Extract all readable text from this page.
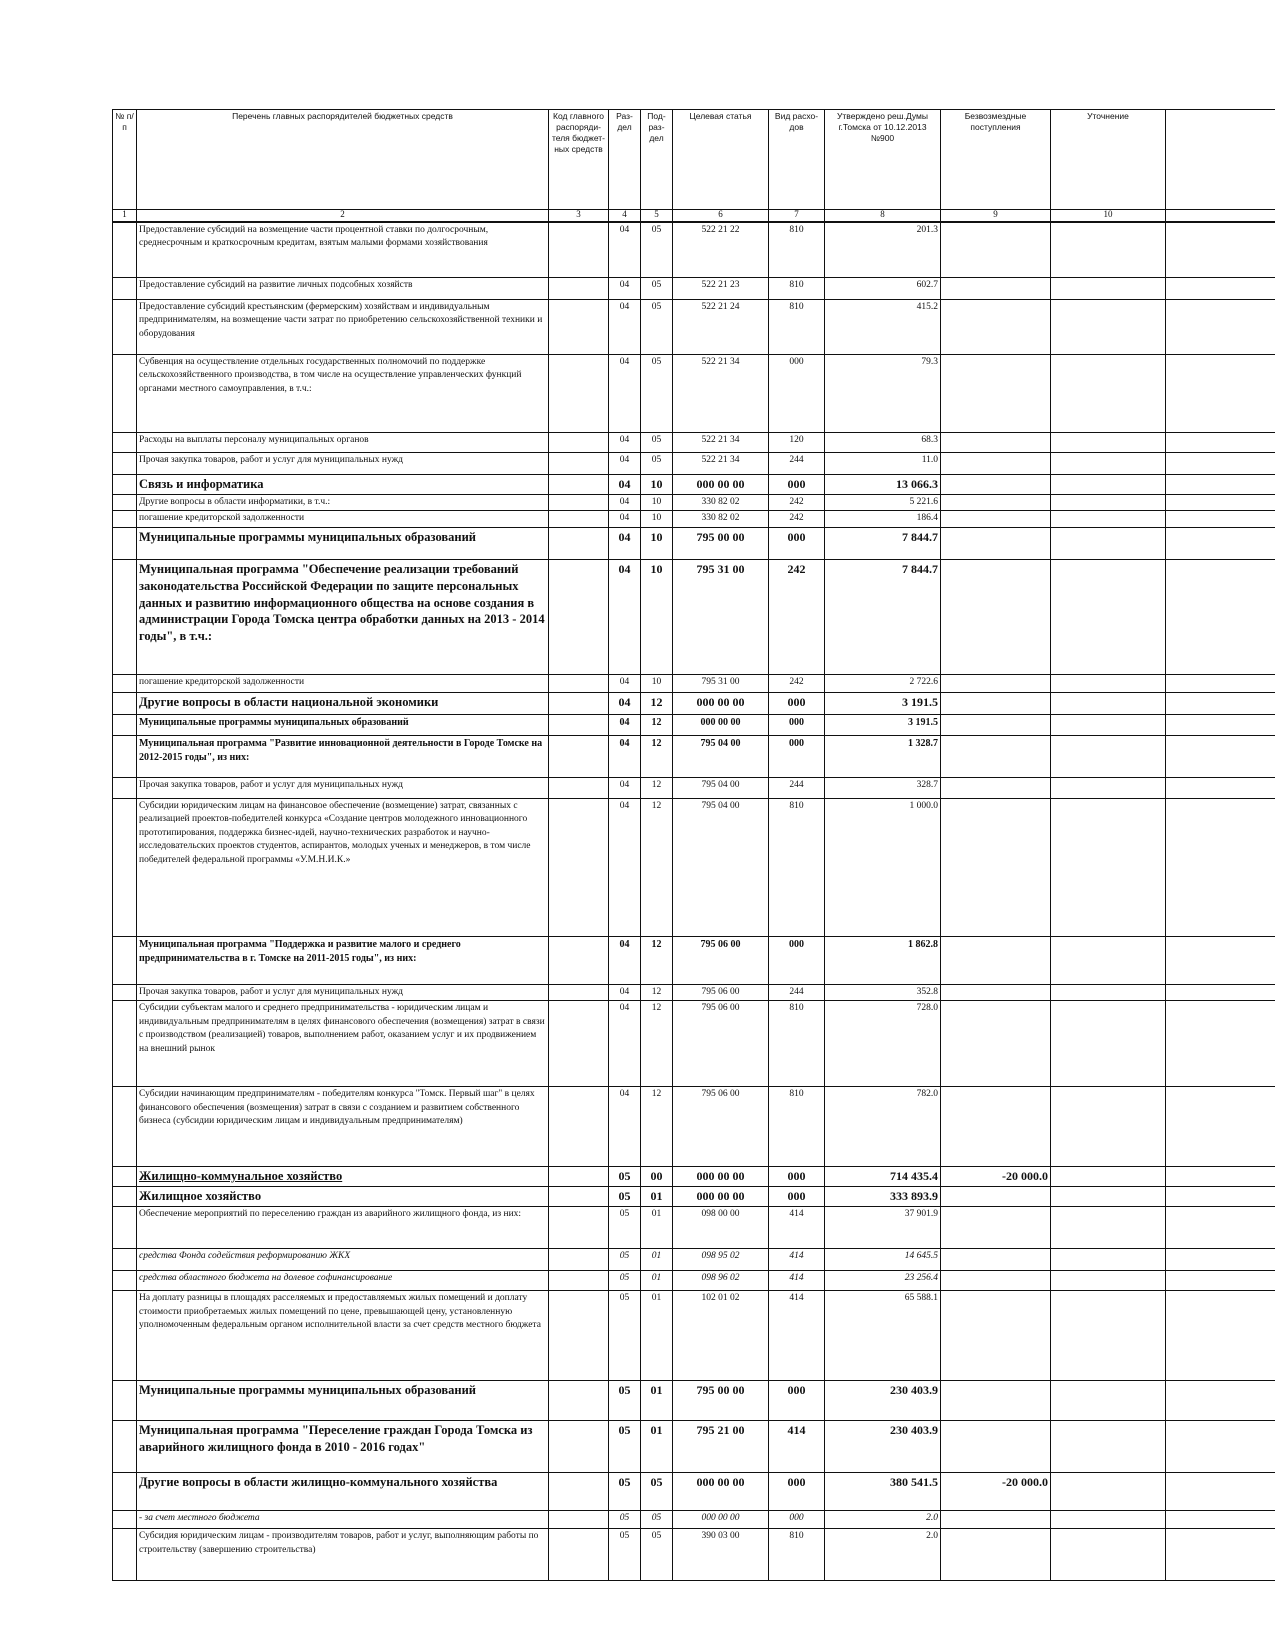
№ п/п	Перечень главных распорядителей бюджетных средств	Код главного распоряди-теля бюджет-ных средств	Раз-дел	Под-раз-дел	Целевая статья	Вид расхо-дов	Утверждено реш.Думы г.Томска от 10.12.2013 №900	Безвозмездные поступления	Уточнение	
1	2	3	4	5	6	7	8	9	10	
	Предоставление субсидий на возмещение части процентной ставки по долгосрочным, среднесрочным и краткосрочным кредитам, взятым малыми формами хозяйствования		04	05	522 21 22	810	201.3			
	Предоставление субсидий на развитие личных подсобных хозяйств		04	05	522 21 23	810	602.7			
	Предоставление субсидий крестьянским (фермерским) хозяйствам и индивидуальным предпринимателям, на возмещение части затрат по приобретению сельскохозяйственной техники и оборудования		04	05	522 21 24	810	415.2			
	Субвенция на осуществление отдельных государственных полномочий по поддержке сельскохозяйственного производства, в том числе на осуществление управленческих функций органами местного самоуправления, в т.ч.:		04	05	522 21 34	000	79.3			
	Расходы на выплаты персоналу муниципальных органов		04	05	522 21 34	120	68.3			
	Прочая закупка товаров, работ и услуг для муниципальных нужд		04	05	522 21 34	244	11.0			
	Связь и информатика		04	10	000 00 00	000	13 066.3			
	Другие вопросы в области информатики, в т.ч.:		04	10	330 82 02	242	5 221.6			
	погашение кредиторской задолженности		04	10	330 82 02	242	186.4			
	Муниципальные программы муниципальных образований		04	10	795 00 00	000	7 844.7			
	Муниципальная программа "Обеспечение реализации требований законодательства Российской Федерации по защите персональных данных и развитию информационного общества на основе создания в администрации Города Томска центра обработки данных на 2013 - 2014 годы", в т.ч.:		04	10	795 31 00	242	7 844.7			
	погашение кредиторской задолженности		04	10	795 31 00	242	2 722.6			
	Другие вопросы в области национальной экономики		04	12	000 00 00	000	3 191.5			
	Муниципальные программы муниципальных образований		04	12	000 00 00	000	3 191.5			
	Муниципальная программа "Развитие инновационной деятельности в Городе Томске на 2012-2015 годы", из них:		04	12	795 04 00	000	1 328.7			
	Прочая закупка товаров, работ и услуг для муниципальных нужд		04	12	795 04 00	244	328.7			
	Субсидии юридическим лицам на финансовое обеспечение (возмещение) затрат, связанных с реализацией проектов-победителей конкурса «Создание центров молодежного инновационного прототипирования, поддержка бизнес-идей, научно-технических разработок и научно-исследовательских проектов студентов, аспирантов, молодых ученых и менеджеров, в том числе победителей федеральной программы «У.М.Н.И.К.»		04	12	795 04 00	810	1 000.0			
	Муниципальная программа "Поддержка и развитие малого и среднего предпринимательства в г. Томске на 2011-2015 годы", из них:		04	12	795 06 00	000	1 862.8			
	Прочая закупка товаров, работ и услуг для муниципальных нужд		04	12	795 06 00	244	352.8			
	Субсидии субъектам малого и среднего предпринимательства - юридическим лицам и индивидуальным предпринимателям в целях финансового обеспечения (возмещения) затрат в связи с производством (реализацией) товаров, выполнением работ, оказанием услуг и их продвижением на внешний рынок		04	12	795 06 00	810	728.0			
	Субсидии начинающим предпринимателям - победителям конкурса "Томск. Первый шаг" в целях финансового обеспечения (возмещения) затрат в связи с созданием и развитием собственного бизнеса (субсидии юридическим лицам и индивидуальным предпринимателям)		04	12	795 06 00	810	782.0			
	Жилищно-коммунальное хозяйство		05	00	000 00 00	000	714 435.4	-20 000.0		
	Жилищное хозяйство		05	01	000 00 00	000	333 893.9			
	Обеспечение мероприятий по переселению граждан из аварийного жилищного фонда, из них:		05	01	098 00 00	414	37 901.9			
	средства Фонда содействия реформированию ЖКХ		05	01	098 95 02	414	14 645.5			
	средства областного бюджета на долевое софинансирование		05	01	098 96 02	414	23 256.4			
	На доплату разницы в площадях расселяемых и предоставляемых жилых помещений и доплату стоимости приобретаемых жилых помещений по цене, превышающей цену, установленную уполномоченным федеральным органом исполнительной власти за счет средств местного бюджета		05	01	102 01 02	414	65 588.1			
	Муниципальные программы муниципальных образований		05	01	795 00 00	000	230 403.9			
	Муниципальная программа "Переселение граждан Города Томска из аварийного жилищного фонда в 2010 - 2016 годах"		05	01	795 21 00	414	230 403.9			
	Другие вопросы в области жилищно-коммунального хозяйства		05	05	000 00 00	000	380 541.5	-20 000.0		
	- за счет местного бюджета		05	05	000 00 00	000	2.0			
	Субсидия юридическим лицам - производителям товаров, работ и услуг, выполняющим работы по строительству (завершению строительства)		05	05	390 03 00	810	2.0			
